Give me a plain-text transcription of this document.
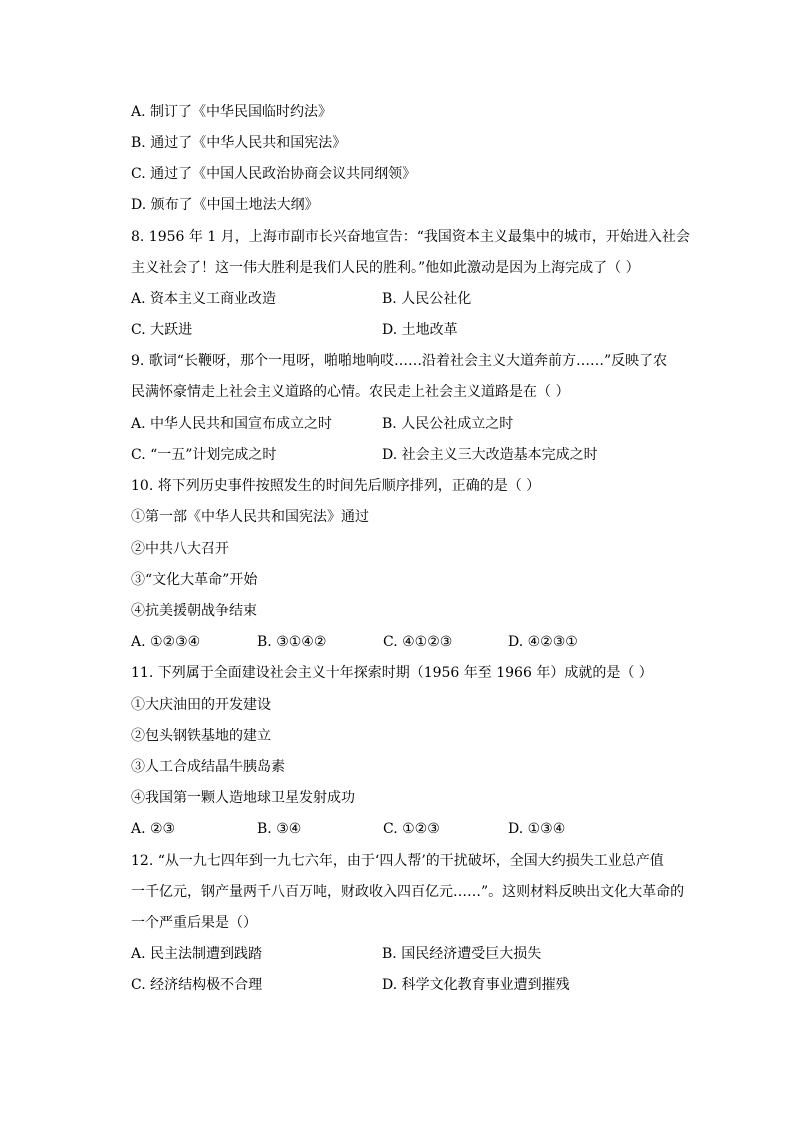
A. 制订了《中华民国临时约法》
B. 通过了《中华人民共和国宪法》
C. 通过了《中国人民政治协商会议共同纲领》
D. 颁布了《中国土地法大纲》
8. 1956 年 1 月，上海市副市长兴奋地宣告：“我国资本主义最集中的城市，开始进入社会
主义社会了！这一伟大胜利是我们人民的胜利。”他如此激动是因为上海完成了（ ）
A. 资本主义工商业改造	B. 人民公社化
C. 大跃进	D. 土地改革
9. 歌词“长鞭呀，那个一甩呀，啪啪地响哎……沿着社会主义大道奔前方……”反映了农
民满怀豪情走上社会主义道路的心情。农民走上社会主义道路是在（ ）
A. 中华人民共和国宣布成立之时	B. 人民公社成立之时
C. “一五”计划完成之时	D. 社会主义三大改造基本完成之时
10. 将下列历史事件按照发生的时间先后顺序排列，正确的是（ ）
①第一部《中华人民共和国宪法》通过
②中共八大召开
③“文化大革命”开始
④抗美援朝战争结束
A. ①②③④	B. ③①④②	C. ④①②③	D. ④②③①
11. 下列属于全面建设社会主义十年探索时期（1956 年至 1966 年）成就的是（ ）
①大庆油田的开发建设
②包头钢铁基地的建立
③人工合成结晶牛胰岛素
④我国第一颗人造地球卫星发射成功
A. ②③	B. ③④	C. ①②③	D. ①③④
12. “从一九七四年到一九七六年，由于‘四人帮’的干扰破坏，全国大约损失工业总产值
一千亿元，钢产量两千八百万吨，财政收入四百亿元……”。这则材料反映出文化大革命的
一个严重后果是（）
A. 民主法制遭到践踏	B. 国民经济遭受巨大损失
C. 经济结构极不合理	D. 科学文化教育事业遭到摧残
